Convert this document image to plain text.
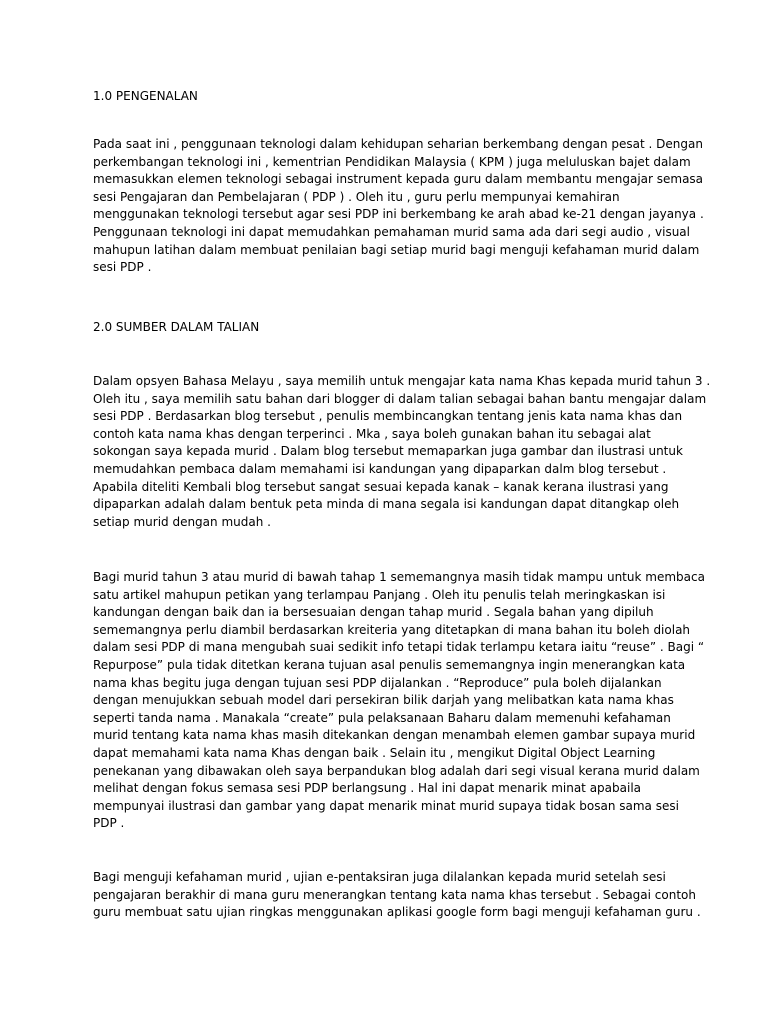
1.0 PENGENALAN
Pada saat ini , penggunaan teknologi dalam kehidupan seharian berkembang dengan pesat . Dengan
perkembangan teknologi ini , kementrian Pendidikan Malaysia ( KPM ) juga meluluskan bajet dalam
memasukkan elemen teknologi sebagai instrument kepada guru dalam membantu mengajar semasa
sesi Pengajaran dan Pembelajaran ( PDP ) . Oleh itu , guru perlu mempunyai kemahiran
menggunakan teknologi tersebut agar sesi PDP ini berkembang ke arah abad ke-21 dengan jayanya .
Penggunaan teknologi ini dapat memudahkan pemahaman murid sama ada dari segi audio , visual
mahupun latihan dalam membuat penilaian bagi setiap murid bagi menguji kefahaman murid dalam
sesi PDP .
2.0 SUMBER DALAM TALIAN
Dalam opsyen Bahasa Melayu , saya memilih untuk mengajar kata nama Khas kepada murid tahun 3 .
Oleh itu , saya memilih satu bahan dari blogger di dalam talian sebagai bahan bantu mengajar dalam
sesi PDP . Berdasarkan blog tersebut , penulis membincangkan tentang jenis kata nama khas dan
contoh kata nama khas dengan terperinci . Mka , saya boleh gunakan bahan itu sebagai alat
sokongan saya kepada murid . Dalam blog tersebut memaparkan juga gambar dan ilustrasi untuk
memudahkan pembaca dalam memahami isi kandungan yang dipaparkan dalm blog tersebut .
Apabila diteliti Kembali blog tersebut sangat sesuai kepada kanak – kanak kerana ilustrasi yang
dipaparkan adalah dalam bentuk peta minda di mana segala isi kandungan dapat ditangkap oleh
setiap murid dengan mudah .
Bagi murid tahun 3 atau murid di bawah tahap 1 sememangnya masih tidak mampu untuk membaca
satu artikel mahupun petikan yang terlampau Panjang . Oleh itu penulis telah meringkaskan isi
kandungan dengan baik dan ia bersesuaian dengan tahap murid . Segala bahan yang dipiluh
sememangnya perlu diambil berdasarkan kreiteria yang ditetapkan di mana bahan itu boleh diolah
dalam sesi PDP di mana mengubah suai sedikit info tetapi tidak terlampu ketara iaitu “reuse” . Bagi “
Repurpose” pula tidak ditetkan kerana tujuan asal penulis sememangnya ingin menerangkan kata
nama khas begitu juga dengan tujuan sesi PDP dijalankan . “Reproduce” pula boleh dijalankan
dengan menujukkan sebuah model dari persekiran bilik darjah yang melibatkan kata nama khas
seperti tanda nama . Manakala “create” pula pelaksanaan Baharu dalam memenuhi kefahaman
murid tentang kata nama khas masih ditekankan dengan menambah elemen gambar supaya murid
dapat memahami kata nama Khas dengan baik . Selain itu , mengikut Digital Object Learning
penekanan yang dibawakan oleh saya berpandukan blog adalah dari segi visual kerana murid dalam
melihat dengan fokus semasa sesi PDP berlangsung . Hal ini dapat menarik minat apabaila
mempunyai ilustrasi dan gambar yang dapat menarik minat murid supaya tidak bosan sama sesi
PDP .
Bagi menguji kefahaman murid , ujian e-pentaksiran juga dilalankan kepada murid setelah sesi
pengajaran berakhir di mana guru menerangkan tentang kata nama khas tersebut . Sebagai contoh
guru membuat satu ujian ringkas menggunakan aplikasi google form bagi menguji kefahaman guru .
